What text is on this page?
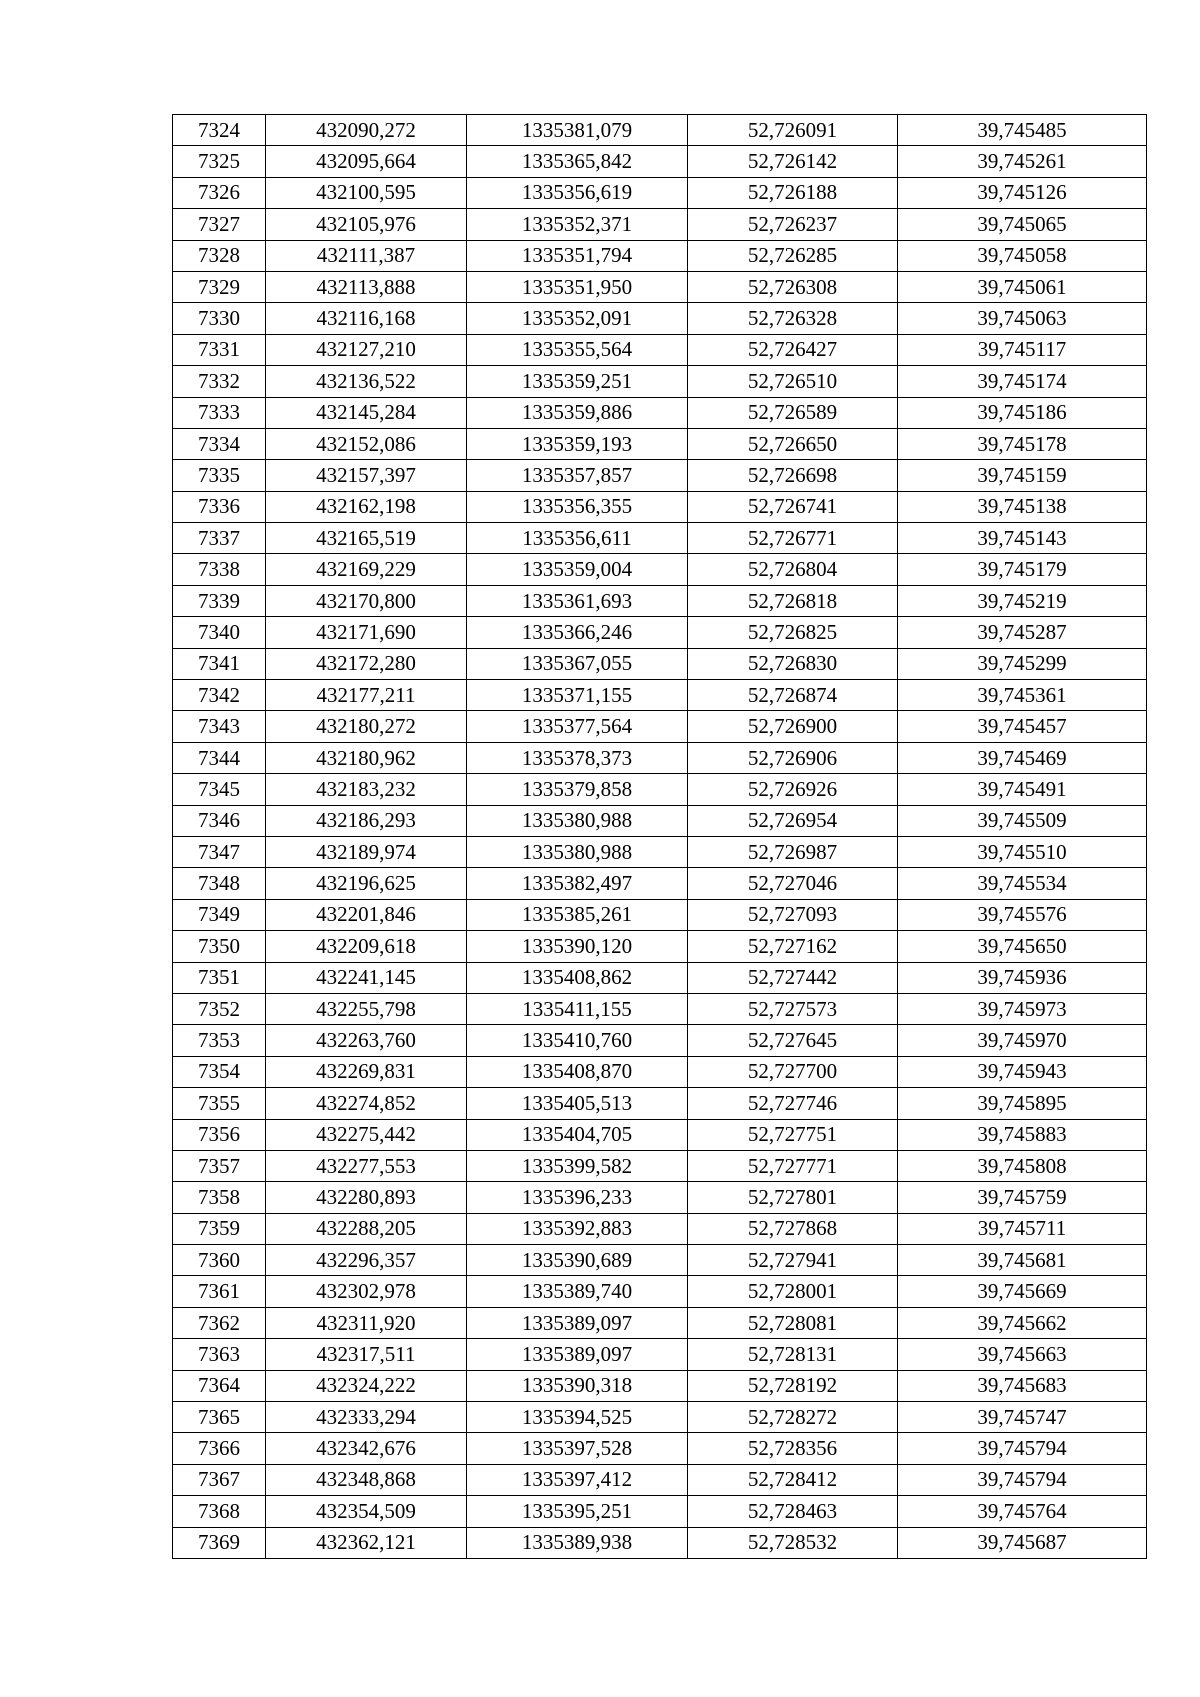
7324	432090,272	1335381,079	52,726091	39,745485
7325	432095,664	1335365,842	52,726142	39,745261
7326	432100,595	1335356,619	52,726188	39,745126
7327	432105,976	1335352,371	52,726237	39,745065
7328	432111,387	1335351,794	52,726285	39,745058
7329	432113,888	1335351,950	52,726308	39,745061
7330	432116,168	1335352,091	52,726328	39,745063
7331	432127,210	1335355,564	52,726427	39,745117
7332	432136,522	1335359,251	52,726510	39,745174
7333	432145,284	1335359,886	52,726589	39,745186
7334	432152,086	1335359,193	52,726650	39,745178
7335	432157,397	1335357,857	52,726698	39,745159
7336	432162,198	1335356,355	52,726741	39,745138
7337	432165,519	1335356,611	52,726771	39,745143
7338	432169,229	1335359,004	52,726804	39,745179
7339	432170,800	1335361,693	52,726818	39,745219
7340	432171,690	1335366,246	52,726825	39,745287
7341	432172,280	1335367,055	52,726830	39,745299
7342	432177,211	1335371,155	52,726874	39,745361
7343	432180,272	1335377,564	52,726900	39,745457
7344	432180,962	1335378,373	52,726906	39,745469
7345	432183,232	1335379,858	52,726926	39,745491
7346	432186,293	1335380,988	52,726954	39,745509
7347	432189,974	1335380,988	52,726987	39,745510
7348	432196,625	1335382,497	52,727046	39,745534
7349	432201,846	1335385,261	52,727093	39,745576
7350	432209,618	1335390,120	52,727162	39,745650
7351	432241,145	1335408,862	52,727442	39,745936
7352	432255,798	1335411,155	52,727573	39,745973
7353	432263,760	1335410,760	52,727645	39,745970
7354	432269,831	1335408,870	52,727700	39,745943
7355	432274,852	1335405,513	52,727746	39,745895
7356	432275,442	1335404,705	52,727751	39,745883
7357	432277,553	1335399,582	52,727771	39,745808
7358	432280,893	1335396,233	52,727801	39,745759
7359	432288,205	1335392,883	52,727868	39,745711
7360	432296,357	1335390,689	52,727941	39,745681
7361	432302,978	1335389,740	52,728001	39,745669
7362	432311,920	1335389,097	52,728081	39,745662
7363	432317,511	1335389,097	52,728131	39,745663
7364	432324,222	1335390,318	52,728192	39,745683
7365	432333,294	1335394,525	52,728272	39,745747
7366	432342,676	1335397,528	52,728356	39,745794
7367	432348,868	1335397,412	52,728412	39,745794
7368	432354,509	1335395,251	52,728463	39,745764
7369	432362,121	1335389,938	52,728532	39,745687
